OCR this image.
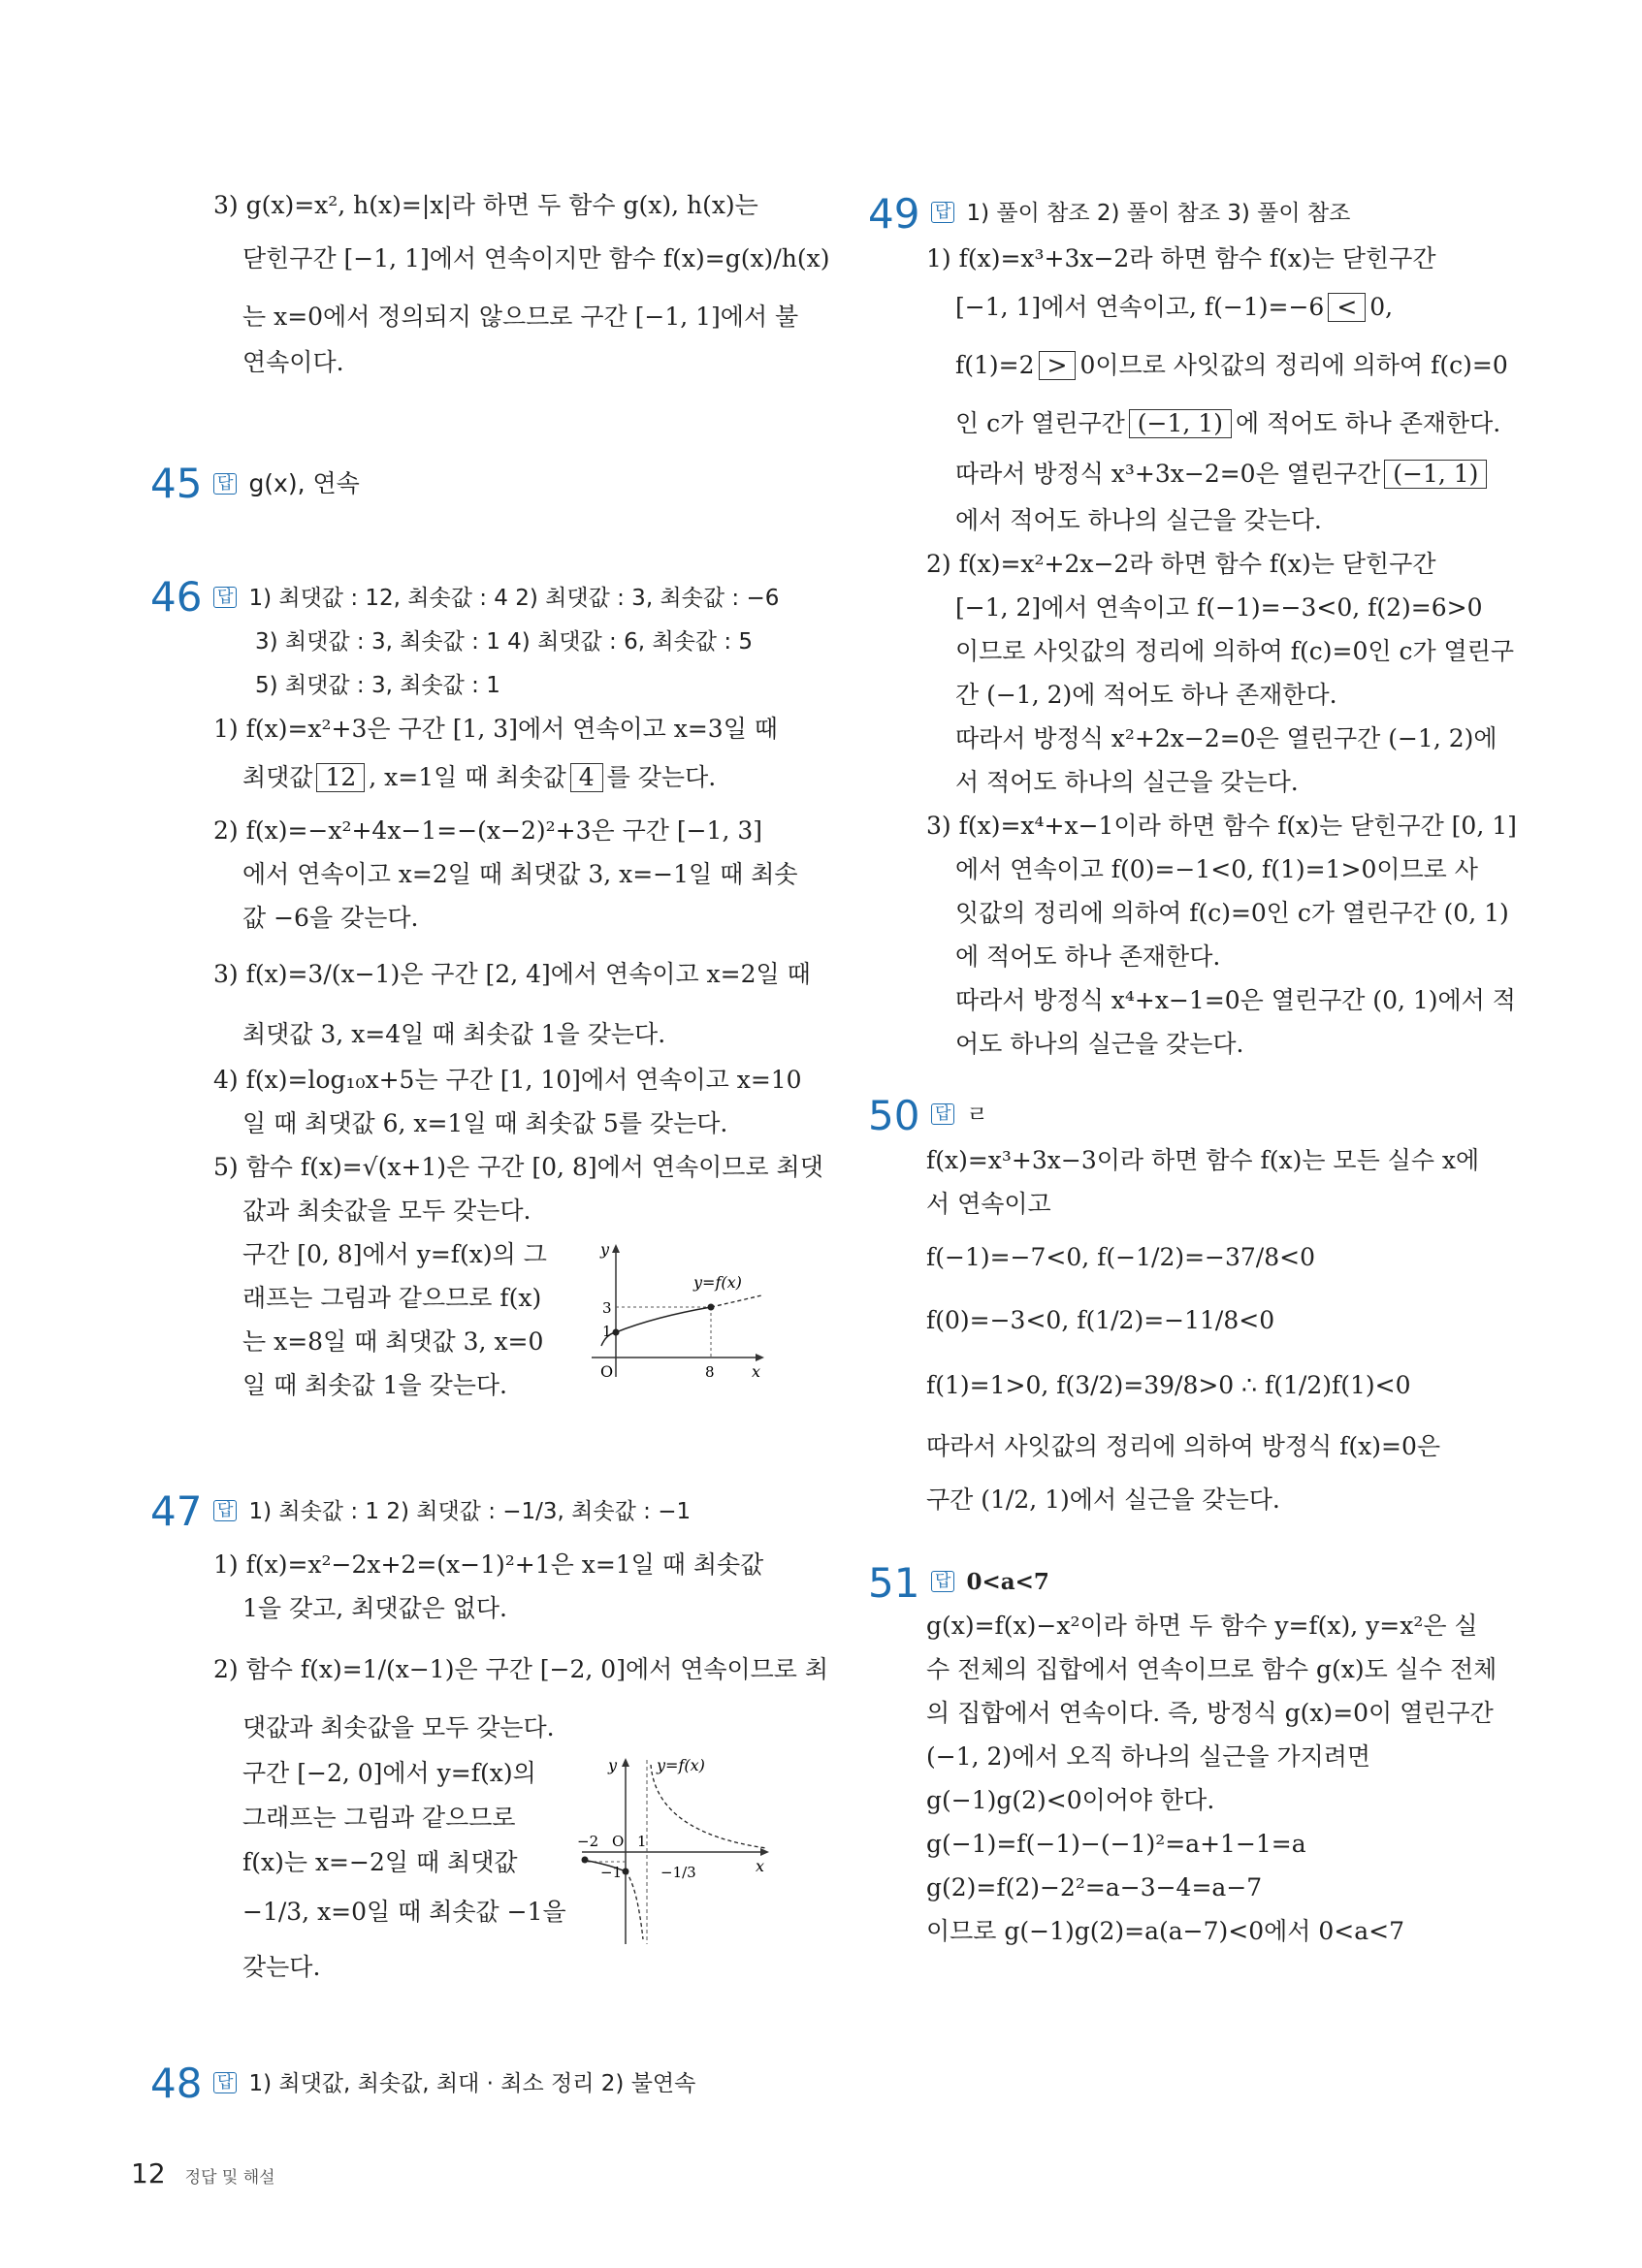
3) g(x)=x², h(x)=|x|라 하면 두 함수 g(x), h(x)는
닫힌구간 [−1, 1]에서 연속이지만 함수 f(x)=g(x)/h(x)
는 x=0에서 정의되지 않으므로 구간 [−1, 1]에서 불
연속이다.
45 답 g(x), 연속
46 답 1) 최댓값 : 12, 최솟값 : 4 2) 최댓값 : 3, 최솟값 : −6
3) 최댓값 : 3, 최솟값 : 1 4) 최댓값 : 6, 최솟값 : 5
5) 최댓값 : 3, 최솟값 : 1
1) f(x)=x²+3은 구간 [1, 3]에서 연속이고 x=3일 때
최댓값 12 , x=1일 때 최솟값 4 를 갖는다.
2) f(x)=−x²+4x−1=−(x−2)²+3은 구간 [−1, 3]
에서 연속이고 x=2일 때 최댓값 3, x=−1일 때 최솟
값 −6을 갖는다.
3) f(x)=3/(x−1)은 구간 [2, 4]에서 연속이고 x=2일 때
최댓값 3, x=4일 때 최솟값 1을 갖는다.
4) f(x)=log₁₀x+5는 구간 [1, 10]에서 연속이고 x=10
일 때 최댓값 6, x=1일 때 최솟값 5를 갖는다.
5) 함수 f(x)=√(x+1)은 구간 [0, 8]에서 연속이므로 최댓
값과 최솟값을 모두 갖는다.
구간 [0, 8]에서 y=f(x)의 그
래프는 그림과 같으므로 f(x)
는 x=8일 때 최댓값 3, x=0
일 때 최솟값 1을 갖는다.
y
x
O
y=f(x)
3
1
8
47 답 1) 최솟값 : 1 2) 최댓값 : −1/3, 최솟값 : −1
1) f(x)=x²−2x+2=(x−1)²+1은 x=1일 때 최솟값
1을 갖고, 최댓값은 없다.
2) 함수 f(x)=1/(x−1)은 구간 [−2, 0]에서 연속이므로 최
댓값과 최솟값을 모두 갖는다.
구간 [−2, 0]에서 y=f(x)의
그래프는 그림과 같으므로
f(x)는 x=−2일 때 최댓값
−1/3, x=0일 때 최솟값 −1을
갖는다.
y
x
y=f(x)
−2 O 1
−1	−1/3
48 답 1) 최댓값, 최솟값, 최대 · 최소 정리 2) 불연속
49 답 1) 풀이 참조 2) 풀이 참조 3) 풀이 참조
1) f(x)=x³+3x−2라 하면 함수 f(x)는 닫힌구간
[−1, 1]에서 연속이고, f(−1)=−6 < 0,
f(1)=2 > 0이므로 사잇값의 정리에 의하여 f(c)=0
인 c가 열린구간 (−1, 1) 에 적어도 하나 존재한다.
따라서 방정식 x³+3x−2=0은 열린구간 (−1, 1)
에서 적어도 하나의 실근을 갖는다.
2) f(x)=x²+2x−2라 하면 함수 f(x)는 닫힌구간
[−1, 2]에서 연속이고 f(−1)=−3<0, f(2)=6>0
이므로 사잇값의 정리에 의하여 f(c)=0인 c가 열린구
간 (−1, 2)에 적어도 하나 존재한다.
따라서 방정식 x²+2x−2=0은 열린구간 (−1, 2)에
서 적어도 하나의 실근을 갖는다.
3) f(x)=x⁴+x−1이라 하면 함수 f(x)는 닫힌구간 [0, 1]
에서 연속이고 f(0)=−1<0, f(1)=1>0이므로 사
잇값의 정리에 의하여 f(c)=0인 c가 열린구간 (0, 1)
에 적어도 하나 존재한다.
따라서 방정식 x⁴+x−1=0은 열린구간 (0, 1)에서 적
어도 하나의 실근을 갖는다.
50 답 ㄹ
f(x)=x³+3x−3이라 하면 함수 f(x)는 모든 실수 x에
서 연속이고
f(−1)=−7<0, f(−1/2)=−37/8<0
f(0)=−3<0, f(1/2)=−11/8<0
f(1)=1>0, f(3/2)=39/8>0 ∴ f(1/2)f(1)<0
따라서 사잇값의 정리에 의하여 방정식 f(x)=0은
구간 (1/2, 1)에서 실근을 갖는다.
51 답 0<a<7
g(x)=f(x)−x²이라 하면 두 함수 y=f(x), y=x²은 실
수 전체의 집합에서 연속이므로 함수 g(x)도 실수 전체
의 집합에서 연속이다. 즉, 방정식 g(x)=0이 열린구간
(−1, 2)에서 오직 하나의 실근을 가지려면
g(−1)g(2)<0이어야 한다.
g(−1)=f(−1)−(−1)²=a+1−1=a
g(2)=f(2)−2²=a−3−4=a−7
이므로 g(−1)g(2)=a(a−7)<0에서 0<a<7
12 정답 및 해설
